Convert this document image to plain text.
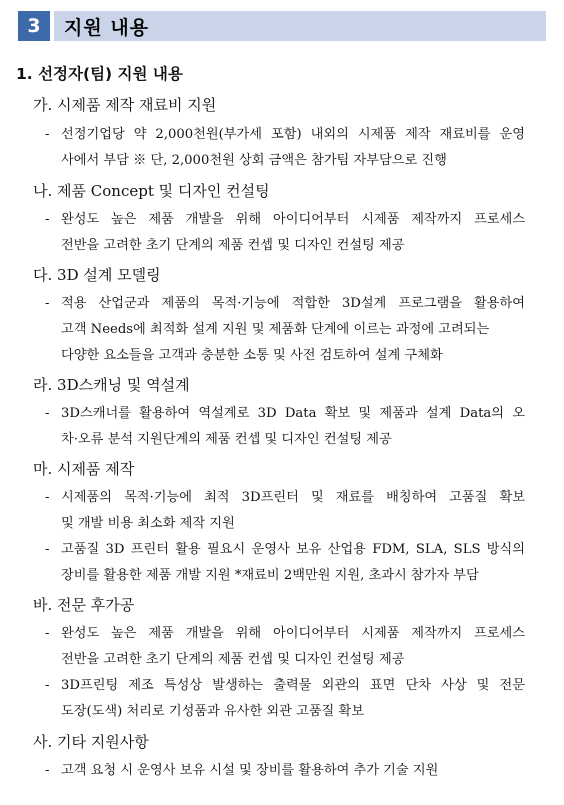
3	지원 내용
1. 선정자(팀) 지원 내용
가. 시제품 제작 재료비 지원
- 선정기업당 약 2,000천원(부가세 포함) 내외의 시제품 제작 재료비를 운영
사에서 부담 ※ 단, 2,000천원 상회 금액은 참가팀 자부담으로 진행
나. 제품 Concept 및 디자인 컨설팅
- 완성도 높은 제품 개발을 위해 아이디어부터 시제품 제작까지 프로세스
전반을 고려한 초기 단계의 제품 컨셉 및 디자인 컨설팅 제공
다. 3D 설계 모델링
- 적용 산업군과 제품의 목적·기능에 적합한 3D설계 프로그램을 활용하여
고객 Needs에 최적화 설계 지원 및 제품화 단계에 이르는 과정에 고려되는
다양한 요소들을 고객과 충분한 소통 및 사전 검토하여 설계 구체화
라. 3D스캐닝 및 역설계
- 3D스캐너를 활용하여 역설계로 3D Data 확보 및 제품과 설계 Data의 오
차·오류 분석 지원단계의 제품 컨셉 및 디자인 컨설팅 제공
마. 시제품 제작
- 시제품의 목적·기능에 최적 3D프린터 및 재료를 배칭하여 고품질 확보
및 개발 비용 최소화 제작 지원
- 고품질 3D 프린터 활용 필요시 운영사 보유 산업용 FDM, SLA, SLS 방식의
장비를 활용한 제품 개발 지원 *재료비 2백만원 지원, 초과시 참가자 부담
바. 전문 후가공
- 완성도 높은 제품 개발을 위해 아이디어부터 시제품 제작까지 프로세스
전반을 고려한 초기 단계의 제품 컨셉 및 디자인 컨설팅 제공
- 3D프린팅 제조 특성상 발생하는 출력물 외관의 표면 단차 사상 및 전문
도장(도색) 처리로 기성품과 유사한 외관 고품질 확보
사. 기타 지원사항
- 고객 요청 시 운영사 보유 시설 및 장비를 활용하여 추가 기술 지원
